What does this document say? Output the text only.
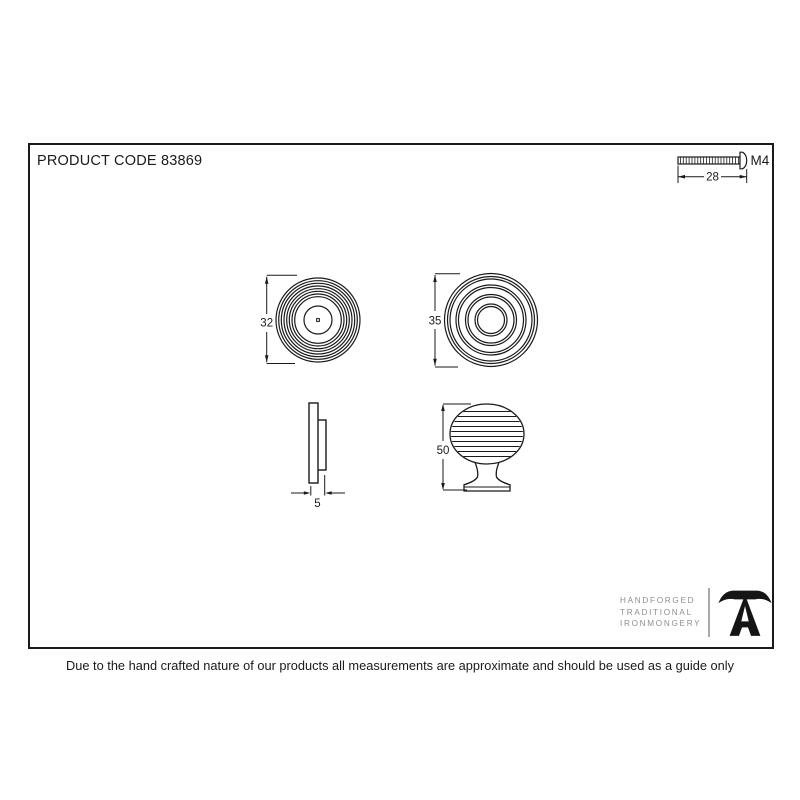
PRODUCT CODE 83869
28
M4
32	35
5
50
HANDFORGED
TRADITIONAL
IRONMONGERY
Due to the hand crafted nature of our products all measurements are approximate and should be used as a guide only
